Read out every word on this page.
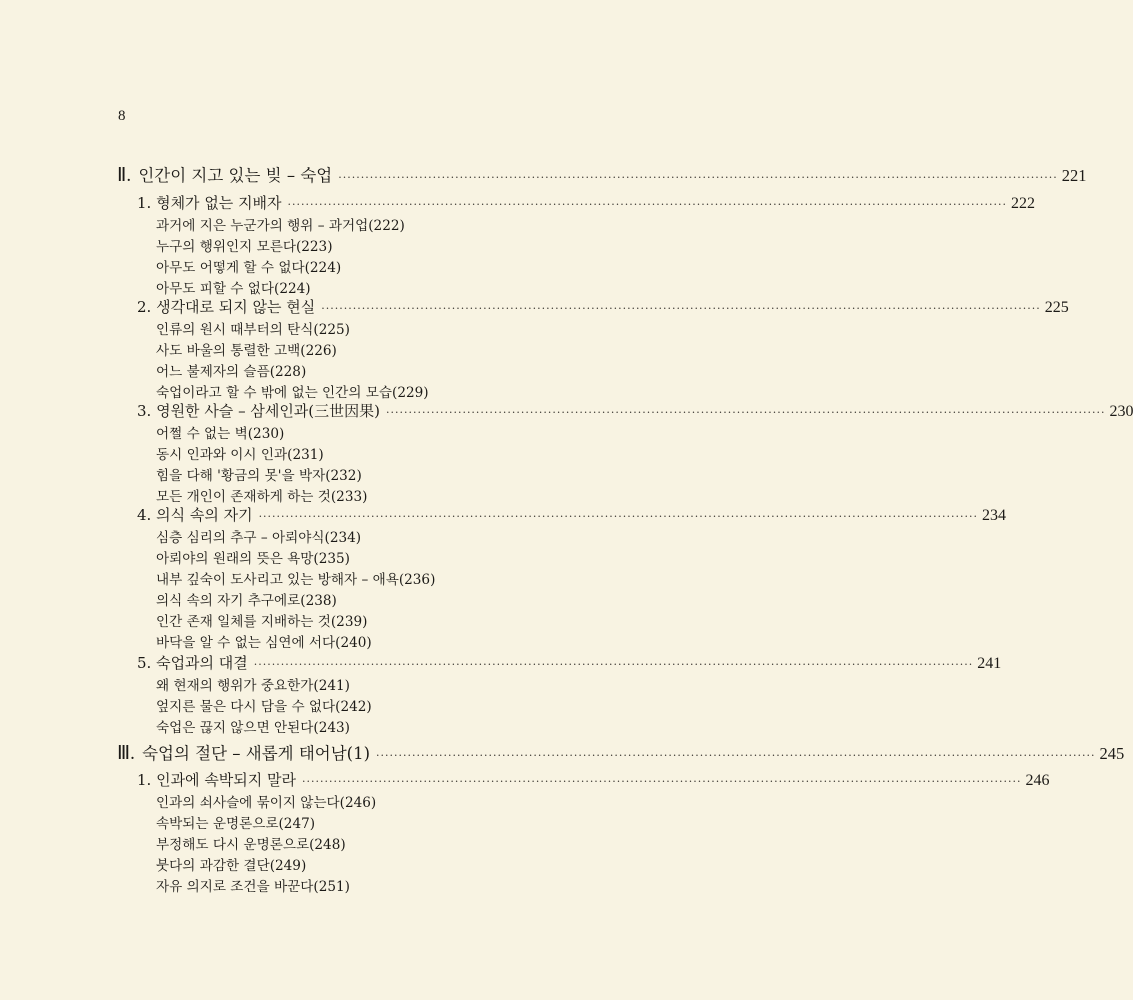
8
Ⅱ. 인간이 지고 있는 빚 – 숙업 ································································································································································ 221
1. 형체가 없는 지배자 ································································································································································ 222
과거에 지은 누군가의 행위 – 과거업(222)
누구의 행위인지 모른다(223)
아무도 어떻게 할 수 없다(224)
아무도 피할 수 없다(224)
2. 생각대로 되지 않는 현실 ································································································································································ 225
인류의 원시 때부터의 탄식(225)
사도 바울의 통렬한 고백(226)
어느 불제자의 슬픔(228)
숙업이라고 할 수 밖에 없는 인간의 모습(229)
3. 영원한 사슬 – 삼세인과(三世因果) ································································································································································ 230
어쩔 수 없는 벽(230)
동시 인과와 이시 인과(231)
힘을 다해 '황금의 못'을 박자(232)
모든 개인이 존재하게 하는 것(233)
4. 의식 속의 자기 ································································································································································ 234
심층 심리의 추구 – 아뢰야식(234)
아뢰야의 원래의 뜻은 욕망(235)
내부 깊숙이 도사리고 있는 방해자 – 애욕(236)
의식 속의 자기 추구에로(238)
인간 존재 일체를 지배하는 것(239)
바닥을 알 수 없는 심연에 서다(240)
5. 숙업과의 대결 ································································································································································ 241
왜 현재의 행위가 중요한가(241)
엎지른 물은 다시 담을 수 없다(242)
숙업은 끊지 않으면 안된다(243)
Ⅲ. 숙업의 절단 – 새롭게 태어남(1) ································································································································································ 245
1. 인과에 속박되지 말라 ································································································································································ 246
인과의 쇠사슬에 묶이지 않는다(246)
속박되는 운명론으로(247)
부정해도 다시 운명론으로(248)
붓다의 과감한 결단(249)
자유 의지로 조건을 바꾼다(251)
